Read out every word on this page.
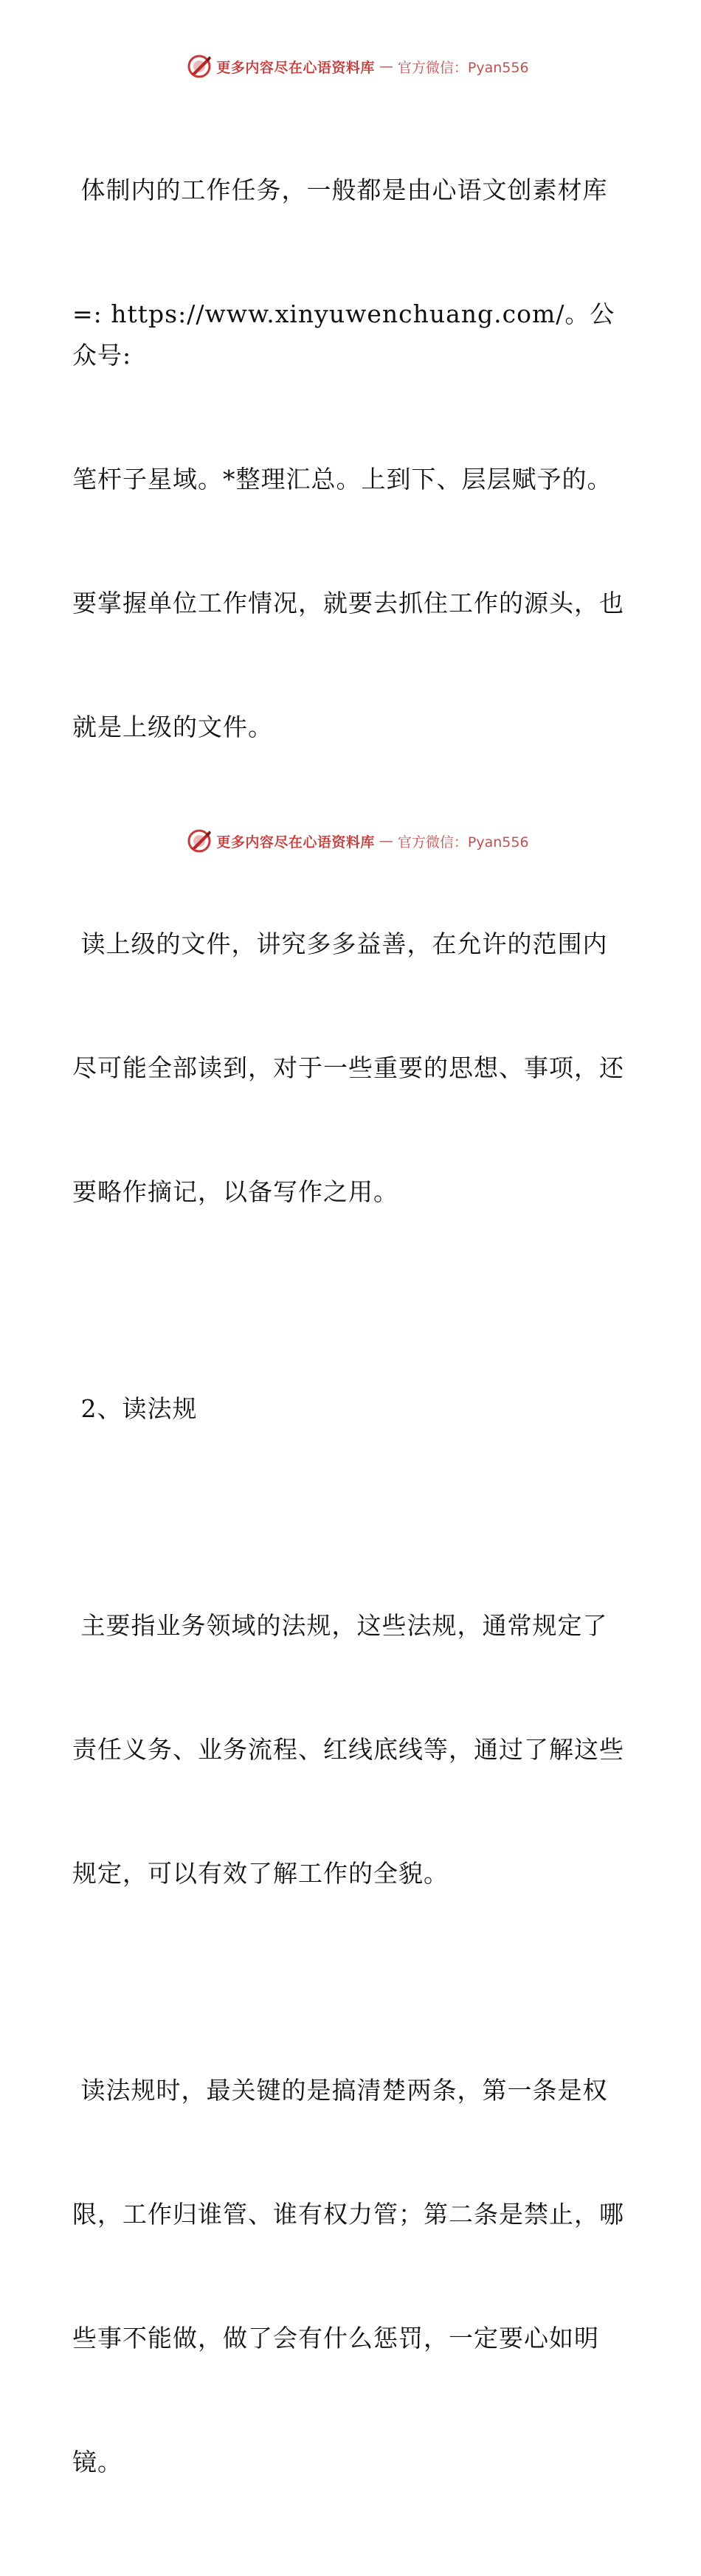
更多内容尽在心语资料库 — 官方微信：Pyan556

体制内的工作任务，一般都是由心语文创素材库

=: https://www.xinyuwenchuang.com/。公众号:

笔杆子星域。*整理汇总。上到下、层层赋予的。

要掌握单位工作情况，就要去抓住工作的源头，也

就是上级的文件。

读上级的文件，讲究多多益善，在允许的范围内

尽可能全部读到，对于一些重要的思想、事项，还

要略作摘记，以备写作之用。

2、读法规

主要指业务领域的法规，这些法规，通常规定了

责任义务、业务流程、红线底线等，通过了解这些

规定，可以有效了解工作的全貌。

读法规时，最关键的是搞清楚两条，第一条是权

限，工作归谁管、谁有权力管；第二条是禁止，哪

些事不能做，做了会有什么惩罚，一定要心如明

镜。

更多内容尽在心语资料库 — 官方微信：Pyan556
